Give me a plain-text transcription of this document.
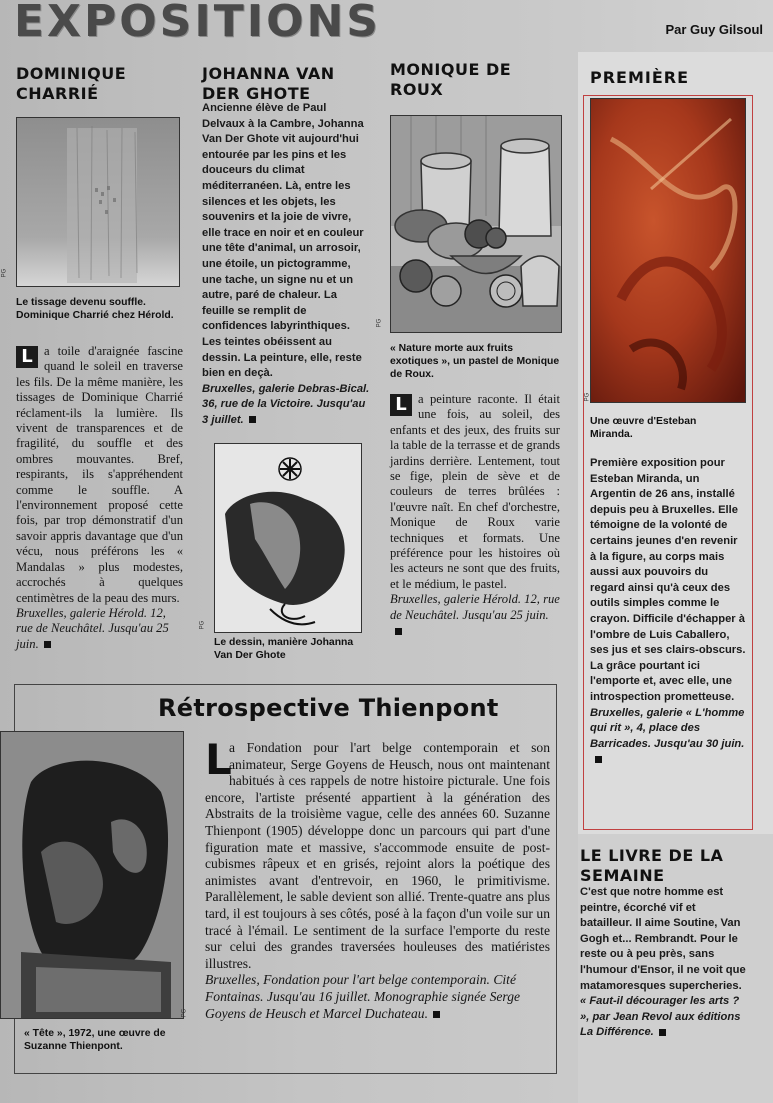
EXPOSITIONS	Par Guy Gilsoul
DOMINIQUE CHARRIÉ
PG
Le tissage devenu souffle. Dominique Charrié chez Hérold.

L a toile d'araignée fascine quand le soleil en traverse les fils. De la même manière, les tissages de Dominique Charrié réclament-ils la lumière. Ils vivent de transparences et de fragilité, du souffle et des ombres mouvantes. Bref, respirants, ils s'appréhendent comme le souffle. A l'environnement proposé cette fois, par trop démonstratif d'un savoir appris davantage que d'un vécu, nous préférons les « Mandalas » plus modestes, accrochés à quelques centimètres de la peau des murs.

Bruxelles, galerie Hérold. 12, rue de Neuchâtel. Jusqu'au 25 juin.

JOHANNA VAN DER GHOTE

Ancienne élève de Paul Delvaux à la Cambre, Johanna Van Der Ghote vit aujourd'hui entourée par les pins et les douceurs du climat méditerranéen. Là, entre les silences et les objets, les souvenirs et la joie de vivre, elle trace en noir et en couleur une tête d'animal, un arrosoir, une étoile, un pictogramme, une tache, un signe nu et un autre, paré de chaleur. La feuille se remplit de confidences labyrinthiques. Les teintes obéissent au dessin. La peinture, elle, reste bien en deçà.

Bruxelles, galerie Debras-Bical. 36, rue de la Victoire. Jusqu'au 3 juillet.

PG
Le dessin, manière Johanna Van Der Ghote
MONIQUE DE ROUX
PG
« Nature morte aux fruits exotiques », un pastel de Monique de Roux.

L a peinture raconte. Il était une fois, au soleil, des enfants et des jeux, des fruits sur la table de la terrasse et de grands jardins derrière. Lentement, tout se fige, plein de sève et de couleurs de terres brûlées : l'œuvre naît. En chef d'orchestre, Monique de Roux varie techniques et formats. Une préférence pour les histoires où les acteurs ne sont que des fruits, et le médium, le pastel.

Bruxelles, galerie Hérold. 12, rue de Neuchâtel. Jusqu'au 25 juin.

PREMIÈRE
PG
Une œuvre d'Esteban Miranda.

Première exposition pour Esteban Miranda, un Argentin de 26 ans, installé depuis peu à Bruxelles. Elle témoigne de la volonté de certains jeunes d'en revenir à la figure, au corps mais aussi aux pouvoirs du regard ainsi qu'à ceux des outils simples comme le crayon. Difficile d'échapper à l'ombre de Luis Caballero, ses jus et ses clairs-obscurs. La grâce pourtant ici l'emporte et, avec elle, une introspection prometteuse.

Bruxelles, galerie « L'homme qui rit », 4, place des Barricades. Jusqu'au 30 juin.

Rétrospective Thienpont
PG
« Tête », 1972, une œuvre de Suzanne Thienpont.

L
a Fondation pour l'art belge contemporain et son animateur, Serge Goyens de Heusch, nous ont maintenant habitués à ces rappels de notre histoire picturale. Une fois encore, l'artiste présenté appartient à la génération des Abstraits de la troisième vague, celle des années 60. Suzanne Thienpont (1905) développe donc un parcours qui part d'une figuration mate et massive, s'accommode ensuite de post-cubismes râpeux et en grisés, rejoint alors la poétique des animistes avant d'entrevoir, en 1960, le primitivisme. Parallèlement, le sable devient son allié. Trente-quatre ans plus tard, il est toujours à ses côtés, posé à la façon d'un voile sur un tracé à l'émail. Le sentiment de la surface l'emporte du reste sur celui des grandes traversées houleuses des matiéristes illustres.

Bruxelles, Fondation pour l'art belge contemporain. Cité Fontainas. Jusqu'au 16 juillet. Monographie signée Serge Goyens de Heusch et Marcel Duchateau.

LE LIVRE DE LA SEMAINE

C'est que notre homme est peintre, écorché vif et batailleur. Il aime Soutine, Van Gogh et... Rembrandt. Pour le reste ou à peu près, sans l'humour d'Ensor, il ne voit que matamoresques supercheries.

« Faut-il décourager les arts ? », par Jean Revol aux éditions La Différence.
